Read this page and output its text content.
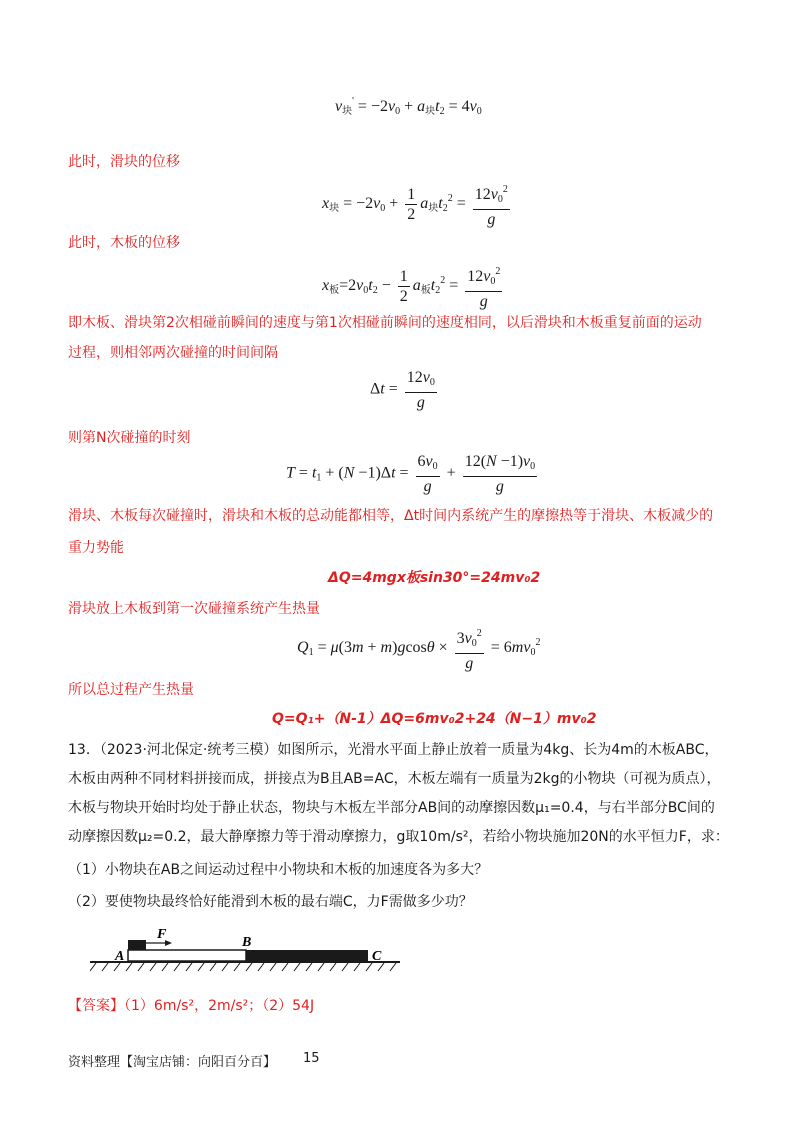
$v_块' = -2v_0 + a_块t_2 = 4v_0$
此时，滑块的位移
$x_块 = -2v_0 + \frac{1}{2} a_块t_2^2 = \frac{12v_0^2}{g}$
此时，木板的位移
$x_板=2v_0t_2 - \frac{1}{2} a_板t_2^2 = \frac{12v_0^2}{g}$
即木板、滑块第2次相碰前瞬间的速度与第1次相碰前瞬间的速度相同，以后滑块和木板重复前面的运动
过程，则相邻两次碰撞的时间间隔
$\Delta t = \frac{12v_0}{g}$
则第N次碰撞的时刻
$T = t_1 + (N -1)\Delta t = \frac{6v_0}{g} + \frac{12(N -1)v_0}{g}$
滑块、木板每次碰撞时，滑块和木板的总动能都相等，Δt时间内系统产生的摩擦热等于滑块、木板减少的
重力势能
ΔQ=4mgx板sin30°=24mv₀2
滑块放上木板到第一次碰撞系统产生热量
$Q_1 = \mu(3m + m)gcos\theta \times \frac{3v_0^2}{g} = 6mv_0^2$
所以总过程产生热量
Q=Q₁+（N-1）ΔQ=6mv₀2+24（N−1）mv₀2
13．（2023·河北保定·统考三模）如图所示，光滑水平面上静止放着一质量为4kg、长为4m的木板ABC，
木板由两种不同材料拼接而成，拼接点为B且AB=AC，木板左端有一质量为2kg的小物块（可视为质点），
木板与物块开始时均处于静止状态，物块与木板左半部分AB间的动摩擦因数μ₁=0.4，与右半部分BC间的
动摩擦因数μ₂=0.2，最大静摩擦力等于滑动摩擦力，g取10m/s²，若给小物块施加20N的水平恒力F，求：
（1）小物块在AB之间运动过程中小物块和木板的加速度各为多大？
（2）要使物块最终恰好能滑到木板的最右端C，力F需做多少功？
F
A
B
C
【答案】（1）6m/s²，2m/s²；（2）54J
资料整理【淘宝店铺：向阳百分百】 15
